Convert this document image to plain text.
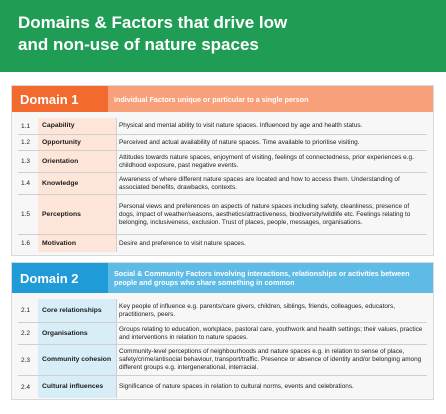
Domains & Factors that drive low
and non-use of nature spaces
Domain 1	Individual Factors unique or particular to a single person
1.1	Capability	Physical and mental ability to visit nature spaces. Influenced by age and health status.
1.2	Opportunity	Perceived and actual availability of nature spaces. Time available to prioritise visiting.
1.3	Orientation
Attitudes towards nature spaces, enjoyment of visiting, feelings of connectedness, prior experiences e.g. childhood exposure, past negative events.
1.4	Knowledge
Awareness of where different nature spaces are located and how to access them. Understanding of associated benefits, drawbacks, contexts.
1.5	Perceptions
Personal views and preferences on aspects of nature spaces including safety, cleanliness, presence of dogs, impact of weather/seasons, aesthetics/attractiveness, biodiversity/wildlife etc. Feelings relating to belonging, inclusiveness, exclusion. Trust of places, people, messages, organisations.
1.6	Motivation	Desire and preference to visit nature spaces.
Domain 2	Social & Community Factors involving interactions, relationships or activities between people and groups who share something in common
2.1	Core relationships
Key people of influence e.g. parents/care givers, children, siblings, friends, colleagues, educators, practitioners, peers.
2.2	Organisations
Groups relating to education, workplace, pastoral care, youthwork and health settings; their values, practice and interventions in relation to nature spaces.
2.3	Community cohesion
Community-level perceptions of neighbourhoods and nature spaces e.g. in relation to sense of place, safety/crime/antisocial behaviour, transport/traffic. Presence or absence of identity and/or belonging among different groups e.g. intergenerational, interracial.
2.4	Cultural influences	Significance of nature spaces in relation to cultural norms, events and celebrations.
